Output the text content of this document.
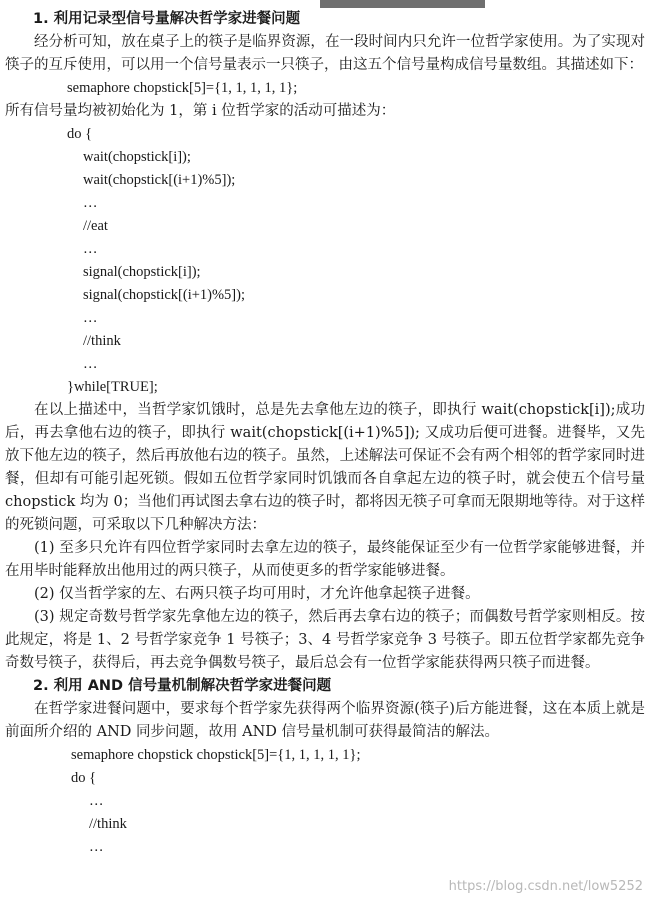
1. 利用记录型信号量解决哲学家进餐问题

经分析可知，放在桌子上的筷子是临界资源，在一段时间内只允许一位哲学家使用。为了实现对筷子的互斥使用，可以用一个信号量表示一只筷子，由这五个信号量构成信号量数组。其描述如下：

semaphore chopstick[5]={1, 1, 1, 1, 1};
所有信号量均被初始化为 1，第 i 位哲学家的活动可描述为：
do {
wait(chopstick[i]);
wait(chopstick[(i+1)%5]);
…
//eat
…
signal(chopstick[i]);
signal(chopstick[(i+1)%5]);
…
//think
…
}while[TRUE];

在以上描述中，当哲学家饥饿时，总是先去拿他左边的筷子，即执行 wait(chopstick[i]);成功后，再去拿他右边的筷子，即执行 wait(chopstick[(i+1)%5]); 又成功后便可进餐。进餐毕，又先放下他左边的筷子，然后再放他右边的筷子。虽然，上述解法可保证不会有两个相邻的哲学家同时进餐，但却有可能引起死锁。假如五位哲学家同时饥饿而各自拿起左边的筷子时，就会使五个信号量 chopstick 均为 0；当他们再试图去拿右边的筷子时，都将因无筷子可拿而无限期地等待。对于这样的死锁问题，可采取以下几种解决方法：

(1) 至多只允许有四位哲学家同时去拿左边的筷子，最终能保证至少有一位哲学家能够进餐，并在用毕时能释放出他用过的两只筷子，从而使更多的哲学家能够进餐。

(2) 仅当哲学家的左、右两只筷子均可用时，才允许他拿起筷子进餐。

(3) 规定奇数号哲学家先拿他左边的筷子，然后再去拿右边的筷子；而偶数号哲学家则相反。按此规定，将是 1、2 号哲学家竞争 1 号筷子；3、4 号哲学家竞争 3 号筷子。即五位哲学家都先竞争奇数号筷子，获得后，再去竞争偶数号筷子，最后总会有一位哲学家能获得两只筷子而进餐。

2. 利用 AND 信号量机制解决哲学家进餐问题

在哲学家进餐问题中，要求每个哲学家先获得两个临界资源(筷子)后方能进餐，这在本质上就是前面所介绍的 AND 同步问题，故用 AND 信号量机制可获得最简洁的解法。

semaphore chopstick chopstick[5]={1, 1, 1, 1, 1};
do {
…
//think
…
https://blog.csdn.net/low5252
